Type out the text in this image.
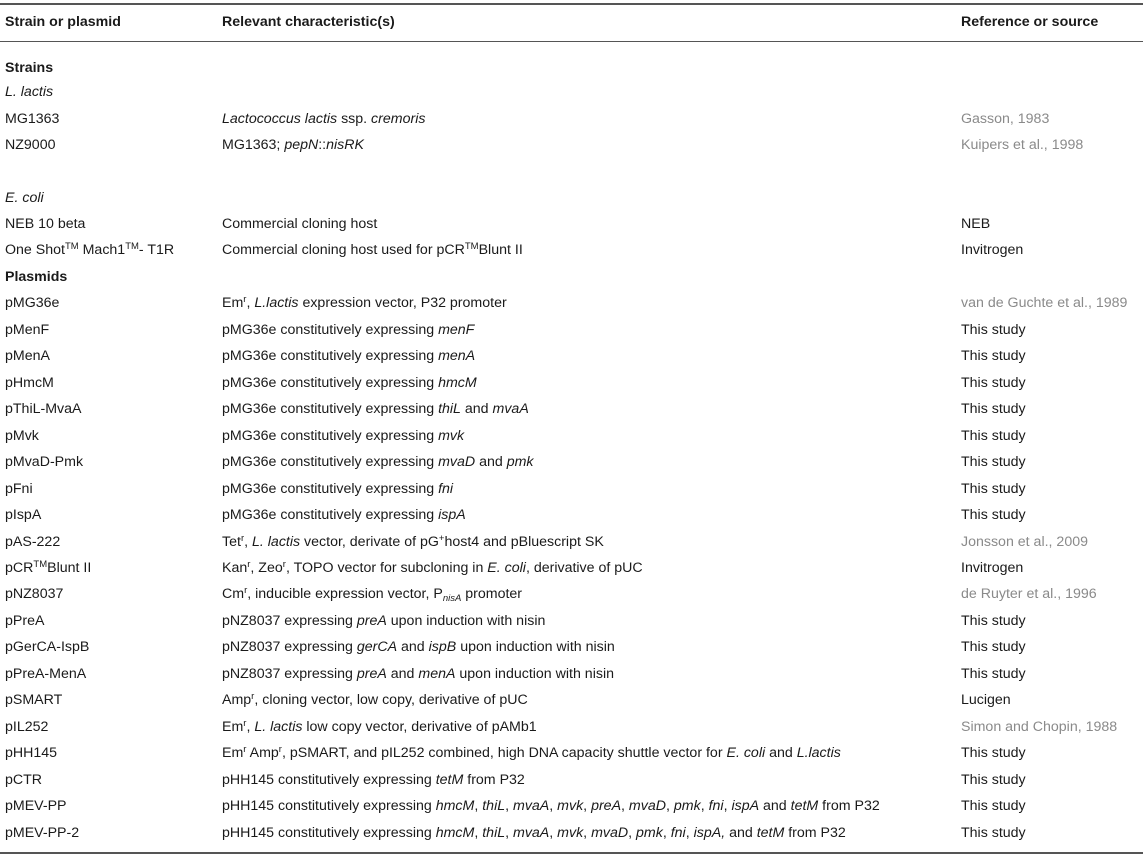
Strain or plasmid	Relevant characteristic(s)	Reference or source
Strains
L. lactis
MG1363	Lactococcus lactis ssp. cremoris	Gasson, 1983
NZ9000	MG1363; pepN::nisRK	Kuipers et al., 1998
E. coli
NEB 10 beta	Commercial cloning host	NEB
One Shot™ Mach1™- T1R	Commercial cloning host used for pCR™Blunt II	Invitrogen
Plasmids
pMG36e	Em$^r$, L.lactis expression vector, P32 promoter	van de Guchte et al., 1989
pMenF	pMG36e constitutively expressing menF	This study
pMenA	pMG36e constitutively expressing menA	This study
pHmcM	pMG36e constitutively expressing hmcM	This study
pThiL-MvaA	pMG36e constitutively expressing thiL and mvaA	This study
pMvk	pMG36e constitutively expressing mvk	This study
pMvaD-Pmk	pMG36e constitutively expressing mvaD and pmk	This study
pFni	pMG36e constitutively expressing fni	This study
pIspA	pMG36e constitutively expressing ispA	This study
pAS-222	Tet$^r$, L. lactis vector, derivate of pG+host4 and pBluescript SK	Jonsson et al., 2009
pCR™Blunt II	Kan$^r$, Zeo$^r$, TOPO vector for subcloning in E. coli, derivative of pUC	Invitrogen
pNZ8037	Cm$^r$, inducible expression vector, $P_{nisA}$ promoter	de Ruyter et al., 1996
pPreA	pNZ8037 expressing preA upon induction with nisin	This study
pGerCA-IspB	pNZ8037 expressing gerCA and ispB upon induction with nisin	This study
pPreA-MenA	pNZ8037 expressing preA and menA upon induction with nisin	This study
pSMART	Amp$^r$, cloning vector, low copy, derivative of pUC	Lucigen
pIL252	Em$^r$, L. lactis low copy vector, derivative of pAMb1	Simon and Chopin, 1988
pHH145	Em$^r$ Amp$^r$, pSMART, and pIL252 combined, high DNA capacity shuttle vector for E. coli and L.lactis	This study
pCTR	pHH145 constitutively expressing tetM from P32	This study
pMEV-PP	pHH145 constitutively expressing hmcM, thiL, mvaA, mvk, preA, mvaD, pmk, fni, ispA and tetM from P32	This study
pMEV-PP-2	pHH145 constitutively expressing hmcM, thiL, mvaA, mvk, mvaD, pmk, fni, ispA, and tetM from P32	This study
